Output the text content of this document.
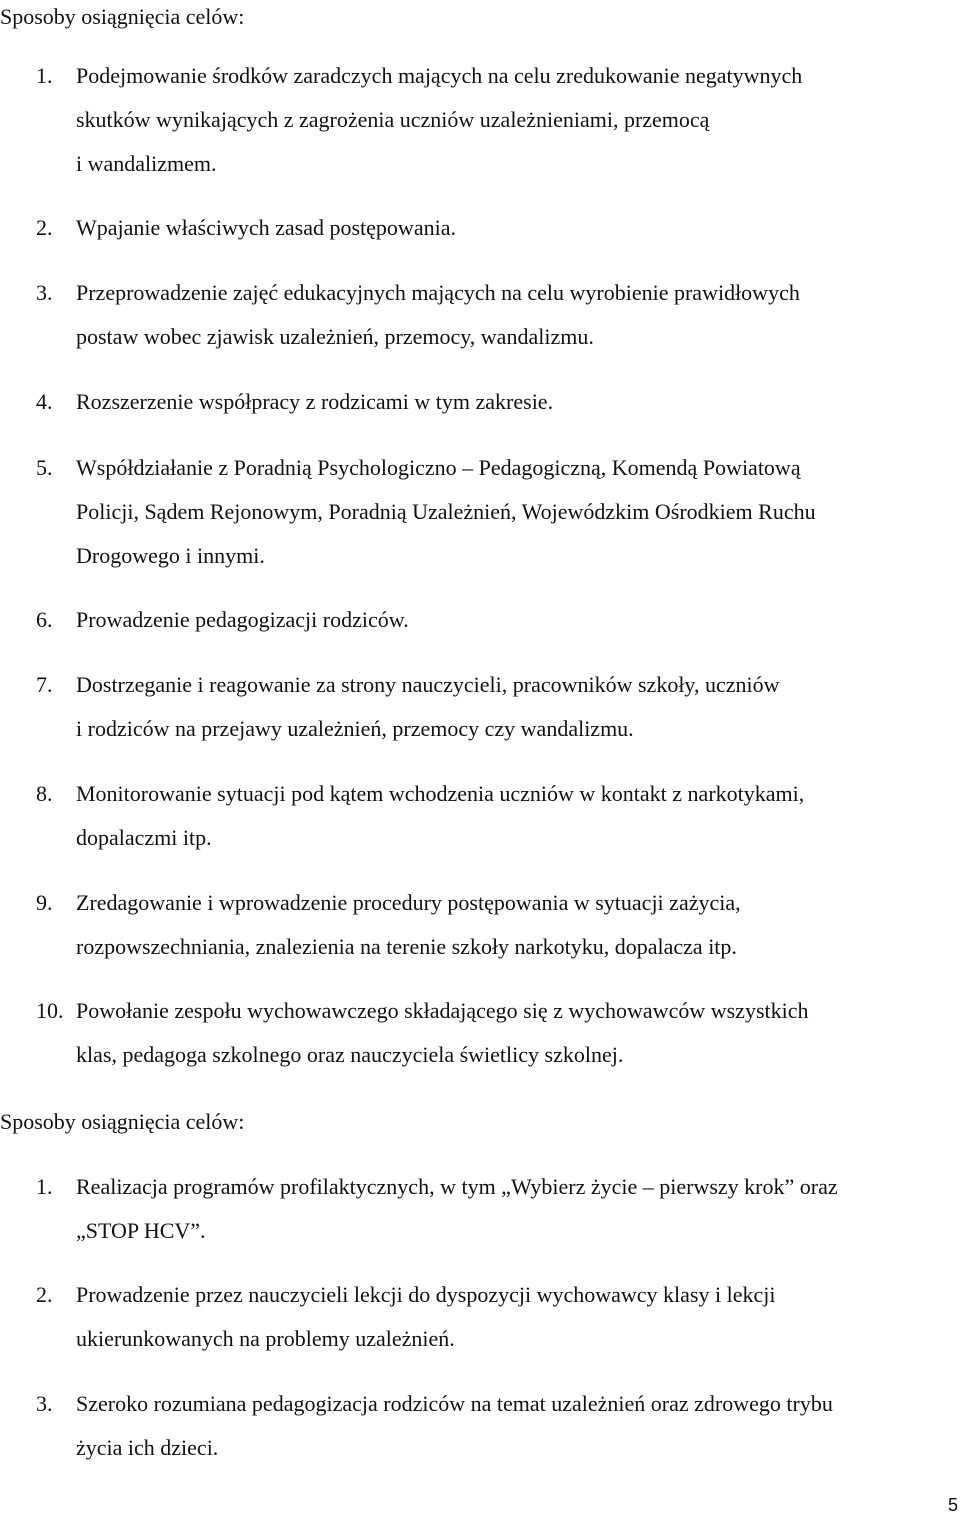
Sposoby osiągnięcia celów:
1. Podejmowanie środków zaradczych mających na celu zredukowanie negatywnych
skutków wynikających z zagrożenia uczniów uzależnieniami, przemocą
i wandalizmem.
2. Wpajanie właściwych zasad postępowania.
3. Przeprowadzenie zajęć edukacyjnych mających na celu wyrobienie prawidłowych
postaw wobec zjawisk uzależnień, przemocy, wandalizmu.
4. Rozszerzenie współpracy z rodzicami w tym zakresie.
5. Współdziałanie z Poradnią Psychologiczno – Pedagogiczną, Komendą Powiatową
Policji, Sądem Rejonowym, Poradnią Uzależnień, Wojewódzkim Ośrodkiem Ruchu
Drogowego i innymi.
6. Prowadzenie pedagogizacji rodziców.
7. Dostrzeganie i reagowanie za strony nauczycieli, pracowników szkoły, uczniów
i rodziców na przejawy uzależnień, przemocy czy wandalizmu.
8. Monitorowanie sytuacji pod kątem wchodzenia uczniów w kontakt z narkotykami,
dopalaczmi itp.
9. Zredagowanie i wprowadzenie procedury postępowania w sytuacji zażycia,
rozpowszechniania, znalezienia na terenie szkoły narkotyku, dopalacza itp.
10. Powołanie zespołu wychowawczego składającego się z wychowawców wszystkich
klas, pedagoga szkolnego oraz nauczyciela świetlicy szkolnej.
Sposoby osiągnięcia celów:
1. Realizacja programów profilaktycznych, w tym „Wybierz życie – pierwszy krok” oraz
„STOP HCV”.
2. Prowadzenie przez nauczycieli lekcji do dyspozycji wychowawcy klasy i lekcji
ukierunkowanych na problemy uzależnień.
3. Szeroko rozumiana pedagogizacja rodziców na temat uzależnień oraz zdrowego trybu
życia ich dzieci.
5
